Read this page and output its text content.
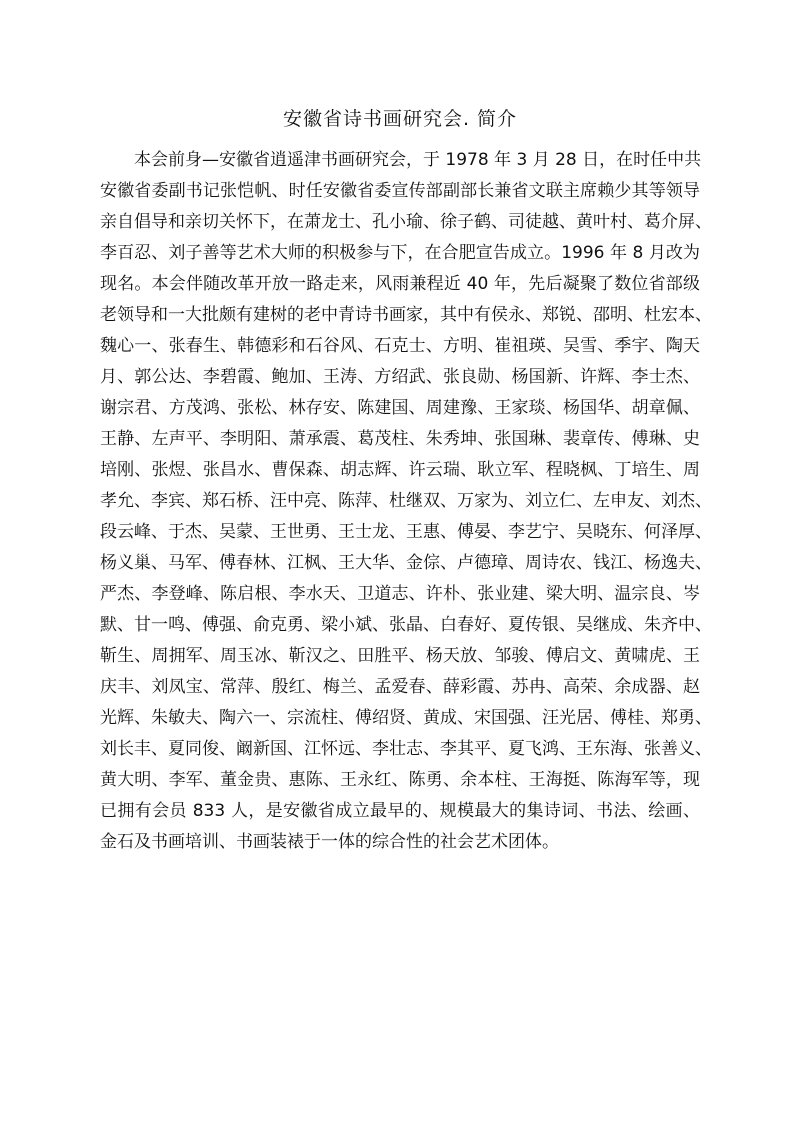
安徽省诗书画研究会. 简介
　　本会前身—安徽省逍遥津书画研究会，于 1978 年 3 月 28 日，在时任中共
安徽省委副书记张恺帆、时任安徽省委宣传部副部长兼省文联主席赖少其等领导
亲自倡导和亲切关怀下，在萧龙士、孔小瑜、徐子鹤、司徒越、黄叶村、葛介屏、
李百忍、刘子善等艺术大师的积极参与下，在合肥宣告成立。1996 年 8 月改为
现名。本会伴随改革开放一路走来，风雨兼程近 40 年，先后凝聚了数位省部级
老领导和一大批颇有建树的老中青诗书画家，其中有侯永、郑锐、邵明、杜宏本、
魏心一、张春生、韩德彩和石谷风、石克士、方明、崔祖瑛、吴雪、季宇、陶天
月、郭公达、李碧霞、鲍加、王涛、方绍武、张良勋、杨国新、许辉、李士杰、
谢宗君、方茂鸿、张松、林存安、陈建国、周建豫、王家琰、杨国华、胡章佩、
王静、左声平、李明阳、萧承震、葛茂柱、朱秀坤、张国琳、裴章传、傅琳、史
培刚、张煜、张昌水、曹保森、胡志辉、许云瑞、耿立军、程晓枫、丁培生、周
孝允、李宾、郑石桥、汪中亮、陈萍、杜继双、万家为、刘立仁、左申友、刘杰、
段云峰、于杰、吴蒙、王世勇、王士龙、王惠、傅晏、李艺宁、吴晓东、何泽厚、
杨义巢、马军、傅春林、江枫、王大华、金倧、卢德璋、周诗农、钱江、杨逸夫、
严杰、李登峰、陈启根、李水天、卫道志、许朴、张业建、梁大明、温宗良、岑
默、甘一鸣、傅强、俞克勇、梁小斌、张晶、白春好、夏传银、吴继成、朱齐中、
靳生、周拥军、周玉冰、靳汉之、田胜平、杨天放、邹骏、傅启文、黄啸虎、王
庆丰、刘凤宝、常萍、殷红、梅兰、孟爱春、薛彩霞、苏冉、高荣、余成器、赵
光辉、朱敏夫、陶六一、宗流柱、傅绍贤、黄成、宋国强、汪光居、傅桂、郑勇、
刘长丰、夏同俊、阚新国、江怀远、李壮志、李其平、夏飞鸿、王东海、张善义、
黄大明、李军、董金贵、惠陈、王永红、陈勇、余本柱、王海挺、陈海军等，现
已拥有会员 833 人，是安徽省成立最早的、规模最大的集诗词、书法、绘画、
金石及书画培训、书画装裱于一体的综合性的社会艺术团体。
